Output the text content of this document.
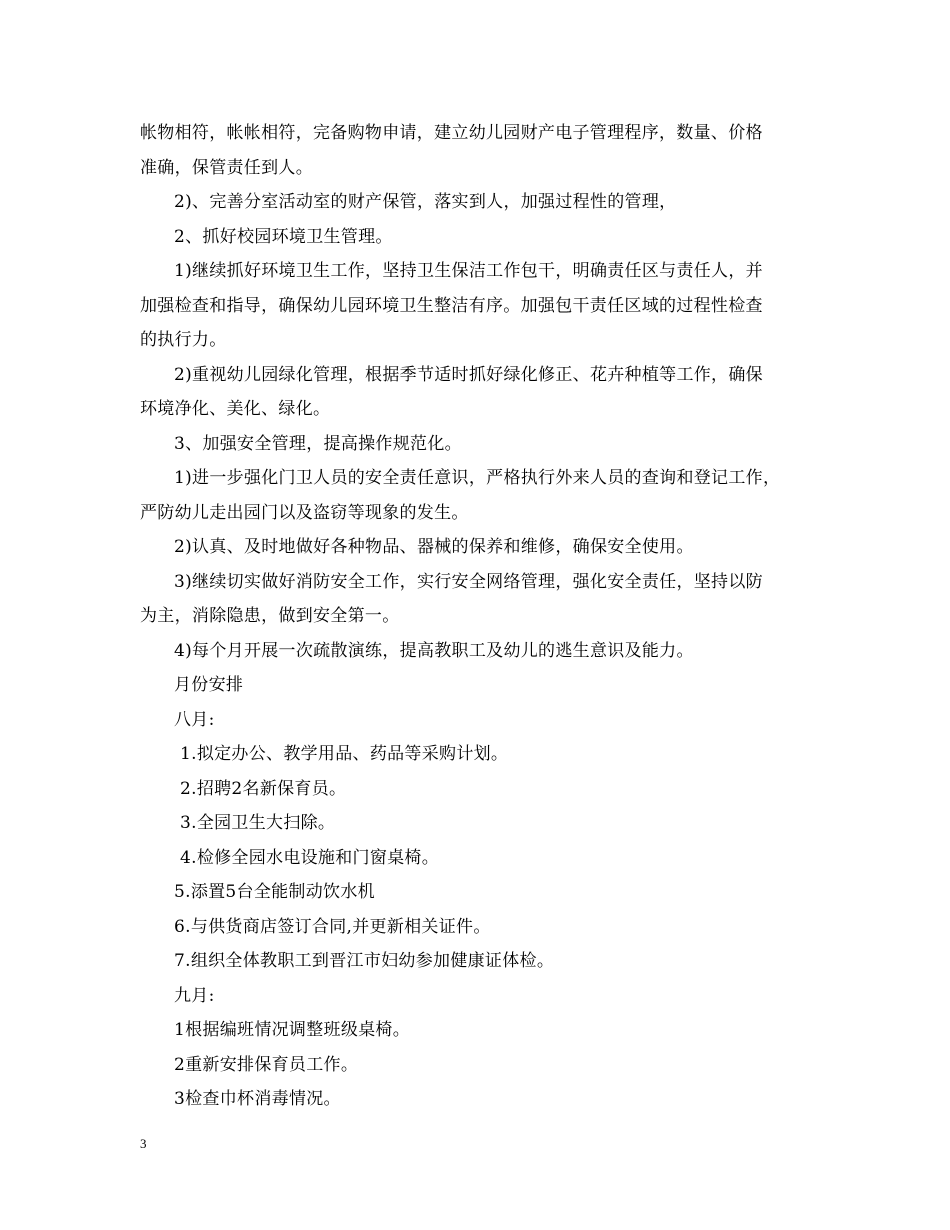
帐物相符，帐帐相符，完备购物申请，建立幼儿园财产电子管理程序，数量、价格
准确，保管责任到人。
2)、完善分室活动室的财产保管，落实到人，加强过程性的管理，
2、抓好校园环境卫生管理。
1)继续抓好环境卫生工作，坚持卫生保洁工作包干，明确责任区与责任人，并
加强检查和指导，确保幼儿园环境卫生整洁有序。加强包干责任区域的过程性检查
的执行力。
2)重视幼儿园绿化管理，根据季节适时抓好绿化修正、花卉种植等工作，确保
环境净化、美化、绿化。
3、加强安全管理，提高操作规范化。
1)进一步强化门卫人员的安全责任意识，严格执行外来人员的查询和登记工作，
严防幼儿走出园门以及盗窃等现象的发生。
2)认真、及时地做好各种物品、器械的保养和维修，确保安全使用。
3)继续切实做好消防安全工作，实行安全网络管理，强化安全责任，坚持以防
为主，消除隐患，做到安全第一。
4)每个月开展一次疏散演练，提高教职工及幼儿的逃生意识及能力。
月份安排
八月:
1.拟定办公、教学用品、药品等采购计划。
2.招聘2名新保育员。
3.全园卫生大扫除。
4.检修全园水电设施和门窗桌椅。
5.添置5台全能制动饮水机
6.与供货商店签订合同,并更新相关证件。
7.组织全体教职工到晋江市妇幼参加健康证体检。
九月:
1根据编班情况调整班级桌椅。
2重新安排保育员工作。
3检查巾杯消毒情况。
3
